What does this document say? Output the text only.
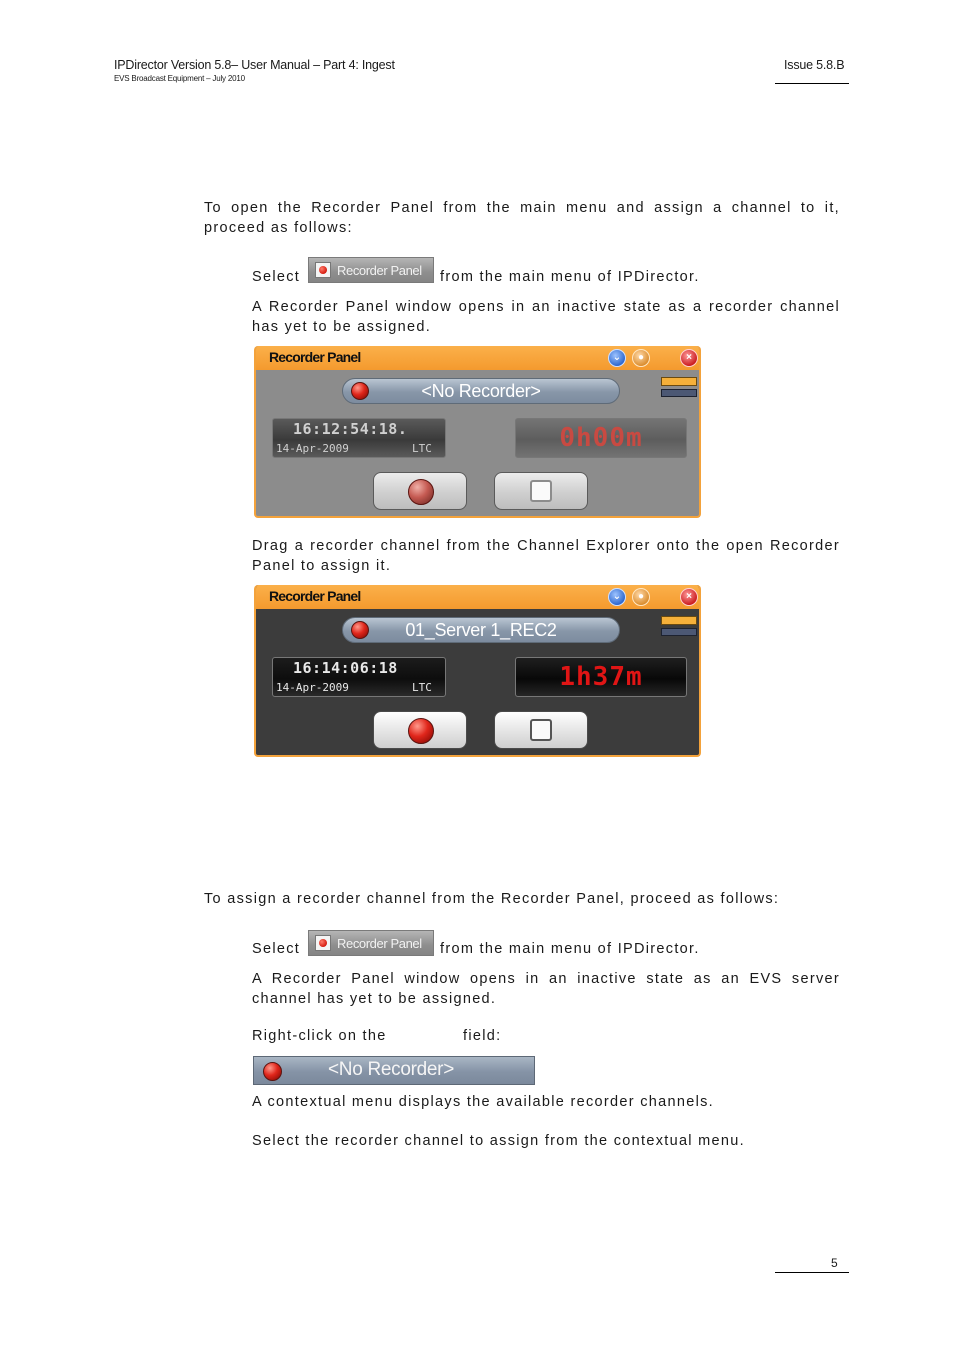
IPDirector Version 5.8– User Manual – Part 4: Ingest
EVS Broadcast Equipment – July 2010
Issue 5.8.B
To open the Recorder Panel from the main menu and assign a channel to it,
proceed as follows:
Select	Recorder Panel from the main menu of IPDirector.
A Recorder Panel window opens in an inactive state as a recorder channel
has yet to be assigned.
Recorder Panel	⌄	●	×
<No Recorder>
16:12:54:18.
14-Apr-2009	LTC	0h00m
Drag a recorder channel from the Channel Explorer onto the open Recorder
Panel to assign it.
Recorder Panel	⌄	●	×
01_Server 1_REC2
16:14:06:18
14-Apr-2009	LTC	1h37m
To assign a recorder channel from the Recorder Panel, proceed as follows:
Select	Recorder Panel from the main menu of IPDirector.
A Recorder Panel window opens in an inactive state as an EVS server
channel has yet to be assigned.
Right-click on the	field:
<No Recorder>
A contextual menu displays the available recorder channels.
Select the recorder channel to assign from the contextual menu.
5
